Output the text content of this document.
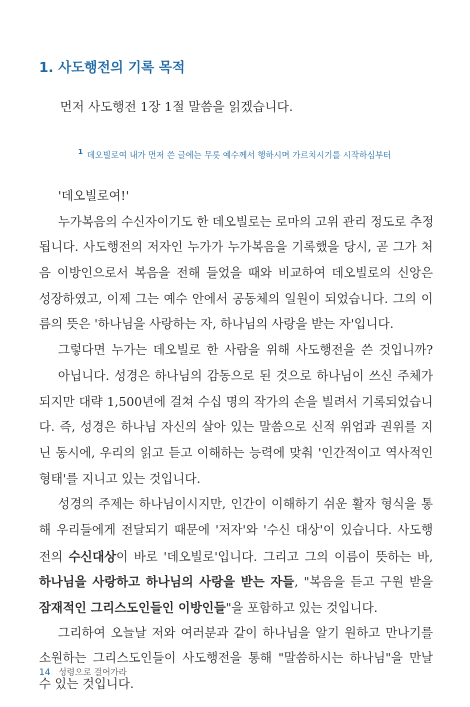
1. 사도행전의 기록 목적
먼저 사도행전 1장 1절 말씀을 읽겠습니다.
$^1$ 데오빌로여 내가 먼저 쓴 글에는 무릇 예수께서 행하시며 가르치시기를 시작하심부터
'데오빌로여!'
누가복음의 수신자이기도 한 데오빌로는 로마의 고위 관리 정도로 추정
됩니다. 사도행전의 저자인 누가가 누가복음을 기록했을 당시, 곧 그가 처
음 이방인으로서 복음을 전해 들었을 때와 비교하여 데오빌로의 신앙은
성장하였고, 이제 그는 예수 안에서 공동체의 일원이 되었습니다. 그의 이
름의 뜻은 '하나님을 사랑하는 자, 하나님의 사랑을 받는 자'입니다.
그렇다면 누가는 데오빌로 한 사람을 위해 사도행전을 쓴 것입니까?
아닙니다. 성경은 하나님의 감동으로 된 것으로 하나님이 쓰신 주체가
되지만 대략 1,500년에 걸쳐 수십 명의 작가의 손을 빌려서 기록되었습니
다. 즉, 성경은 하나님 자신의 살아 있는 말씀으로 신적 위엄과 권위를 지
닌 동시에, 우리의 읽고 듣고 이해하는 능력에 맞춰 '인간적이고 역사적인
형태'를 지니고 있는 것입니다.
성경의 주제는 하나님이시지만, 인간이 이해하기 쉬운 활자 형식을 통
해 우리들에게 전달되기 때문에 '저자'와 '수신 대상'이 있습니다. 사도행
전의 수신대상이 바로 '데오빌로'입니다. 그리고 그의 이름이 뜻하는 바,
하나님을 사랑하고 하나님의 사랑을 받는 자들, "복음을 듣고 구원 받을
잠재적인 그리스도인들인 이방인들"을 포함하고 있는 것입니다.
그리하여 오늘날 저와 여러분과 같이 하나님을 알기 원하고 만나기를
소원하는 그리스도인들이 사도행전을 통해 "말씀하시는 하나님"을 만날
수 있는 것입니다.
14 성령으로 걸어가라
